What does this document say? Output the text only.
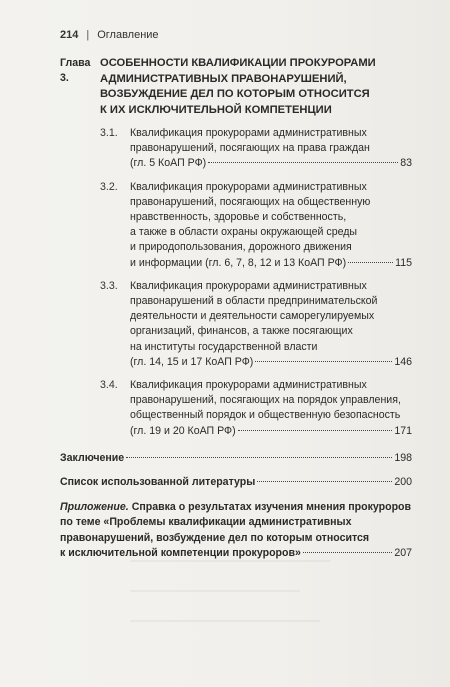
214 | Оглавление
Глава 3.
ОСОБЕННОСТИ КВАЛИФИКАЦИИ ПРОКУРОРАМИ
АДМИНИСТРАТИВНЫХ ПРАВОНАРУШЕНИЙ,
ВОЗБУЖДЕНИЕ ДЕЛ ПО КОТОРЫМ ОТНОСИТСЯ
К ИХ ИСКЛЮЧИТЕЛЬНОЙ КОМПЕТЕНЦИИ
3.1.	Квалификация прокурорами административных
правонарушений, посягающих на права граждан
(гл. 5 КоАП РФ)	83
3.2.	Квалификация прокурорами административных
правонарушений, посягающих на общественную
нравственность, здоровье и собственность,
а также в области охраны окружающей среды
и природопользования, дорожного движения
и информации (гл. 6, 7, 8, 12 и 13 КоАП РФ)	115
3.3.	Квалификация прокурорами административных
правонарушений в области предпринимательской
деятельности и деятельности саморегулируемых
организаций, финансов, а также посягающих
на институты государственной власти
(гл. 14, 15 и 17 КоАП РФ)	146
3.4.	Квалификация прокурорами административных
правонарушений, посягающих на порядок управления,
общественный порядок и общественную безопасность
(гл. 19 и 20 КоАП РФ)	171
Заключение	198
Список использованной литературы	200
Приложение. Справка о результатах изучения мнения прокуроров
по теме «Проблемы квалификации административных
правонарушений, возбуждение дел по которым относится
к исключительной компетенции прокуроров»	207
